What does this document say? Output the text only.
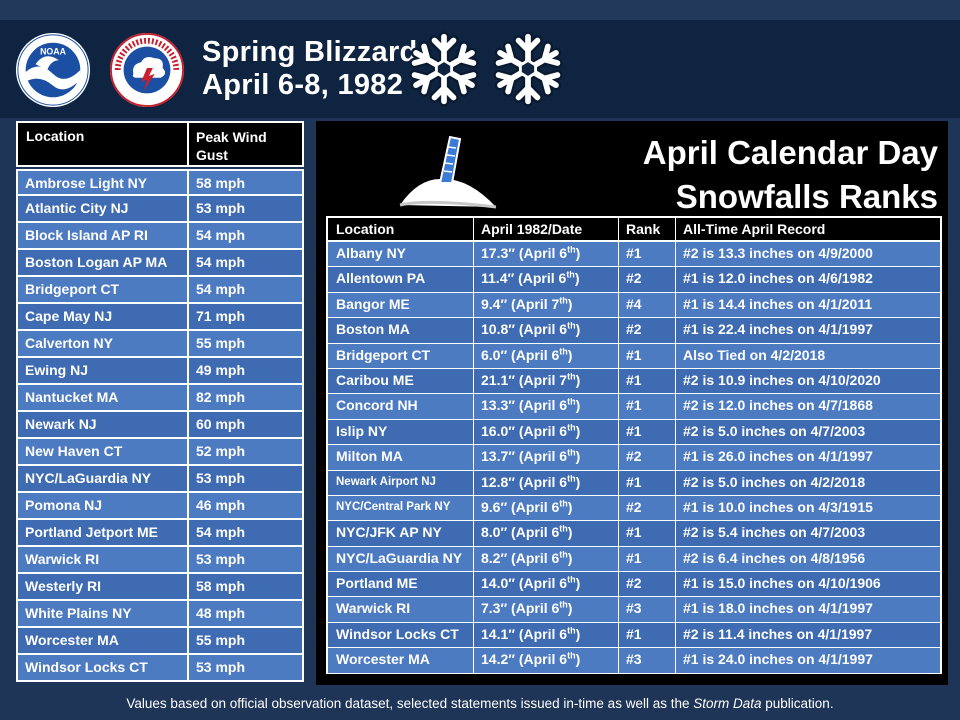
NOAA	Spring Blizzard
April 6-8, 1982
Location	Peak Wind
Gust
Ambrose Light NY	58 mph
Atlantic City NJ	53 mph
Block Island AP RI	54 mph
Boston Logan AP MA	54 mph
Bridgeport CT	54 mph
Cape May NJ	71 mph
Calverton NY	55 mph
Ewing NJ	49 mph
Nantucket MA	82 mph
Newark NJ	60 mph
New Haven CT	52 mph
NYC/LaGuardia NY	53 mph
Pomona NJ	46 mph
Portland Jetport ME	54 mph
Warwick RI	53 mph
Westerly RI	58 mph
White Plains NY	48 mph
Worcester MA	55 mph
Windsor Locks CT	53 mph
April Calendar Day
Snowfalls Ranks
Location	April 1982/Date	Rank	All-Time April Record
Albany NY	17.3″ (April 6th)	#1	#2 is 13.3 inches on 4/9/2000
Allentown PA	11.4″ (April 6th)	#2	#1 is 12.0 inches on 4/6/1982
Bangor ME	9.4″ (April 7th)	#4	#1 is 14.4 inches on 4/1/2011
Boston MA	10.8″ (April 6th)	#2	#1 is 22.4 inches on 4/1/1997
Bridgeport CT	6.0″ (April 6th)	#1	Also Tied on 4/2/2018
Caribou ME	21.1″ (April 7th)	#1	#2 is 10.9 inches on 4/10/2020
Concord NH	13.3″ (April 6th)	#1	#2 is 12.0 inches on 4/7/1868
Islip NY	16.0″ (April 6th)	#1	#2 is 5.0 inches on 4/7/2003
Milton MA	13.7″ (April 6th)	#2	#1 is 26.0 inches on 4/1/1997
Newark Airport NJ	12.8″ (April 6th)	#1	#2 is 5.0 inches on 4/2/2018
NYC/Central Park NY	9.6″ (April 6th)	#2	#1 is 10.0 inches on 4/3/1915
NYC/JFK AP NY	8.0″ (April 6th)	#1	#2 is 5.4 inches on 4/7/2003
NYC/LaGuardia NY	8.2″ (April 6th)	#1	#2 is 6.4 inches on 4/8/1956
Portland ME	14.0″ (April 6th)	#2	#1 is 15.0 inches on 4/10/1906
Warwick RI	7.3″ (April 6th)	#3	#1 is 18.0 inches on 4/1/1997
Windsor Locks CT	14.1″ (April 6th)	#1	#2 is 11.4 inches on 4/1/1997
Worcester MA	14.2″ (April 6th)	#3	#1 is 24.0 inches on 4/1/1997
Values based on official observation dataset, selected statements issued in-time as well as the Storm Data publication.
